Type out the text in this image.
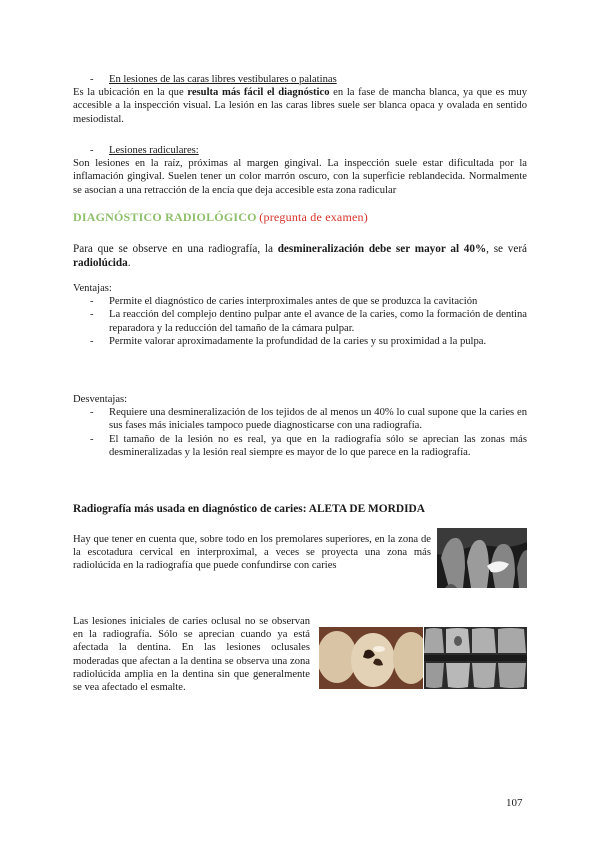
- En lesiones de las caras libres vestibulares o palatinas

Es la ubicación en la que resulta más fácil el diagnóstico en la fase de mancha blanca, ya que es muy accesible a la inspección visual. La lesión en las caras libres suele ser blanca opaca y ovalada en sentido mesiodistal.

- Lesiones radiculares:

Son lesiones en la raíz, próximas al margen gingival. La inspección suele estar dificultada por la inflamación gingival. Suelen tener un color marrón oscuro, con la superficie reblandecida. Normalmente se asocian a una retracción de la encía que deja accesible esta zona radicular

DIAGNÓSTICO RADIOLÓGICO (pregunta de examen)

Para que se observe en una radiografía, la desmineralización debe ser mayor al 40%, se verá radiolúcida.

Ventajas:

- Permite el diagnóstico de caries interproximales antes de que se produzca la cavitación

- La reacción del complejo dentino pulpar ante el avance de la caries, como la formación de dentina reparadora y la reducción del tamaño de la cámara pulpar.

- Permite valorar aproximadamente la profundidad de la caries y su proximidad a la pulpa.

Desventajas:

- Requiere una desmineralización de los tejidos de al menos un 40% lo cual supone que la caries en sus fases más iniciales tampoco puede diagnosticarse con una radiografía.

- El tamaño de la lesión no es real, ya que en la radiografía sólo se aprecian las zonas más desmineralizadas y la lesión real siempre es mayor de lo que parece en la radiografía.

Radiografía más usada en diagnóstico de caries: ALETA DE MORDIDA

Hay que tener en cuenta que, sobre todo en los premolares superiores, en la zona de la escotadura cervical en interproximal, a veces se proyecta una zona más radiolúcida en la radiografía que puede confundirse con caries

Las lesiones iniciales de caries oclusal no se observan en la radiografía. Sólo se aprecian cuando ya está afectada la dentina. En las lesiones oclusales moderadas que afectan a la dentina se observa una zona radiolúcida amplia en la dentina sin que generalmente se vea afectado el esmalte.

107
